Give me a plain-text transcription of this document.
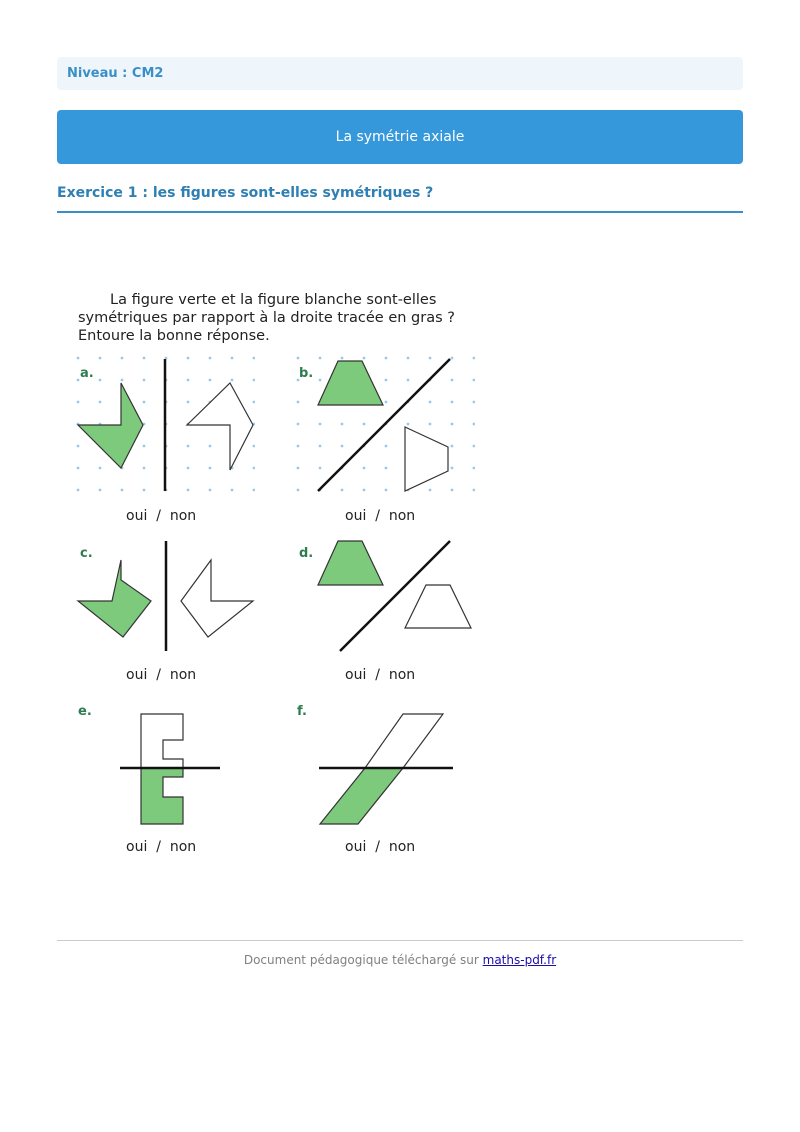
Niveau : CM2
La symétrie axiale
Exercice 1 : les figures sont-elles symétriques ?
La figure verte et la figure blanche sont-elles
symétriques par rapport à la droite tracée en gras ?
Entoure la bonne réponse.
a.
oui  /  non
b.
oui  /  non
c.
oui  /  non
d.
oui  /  non
e.
oui  /  non
f.
oui  /  non
Document pédagogique téléchargé sur maths-pdf.fr
